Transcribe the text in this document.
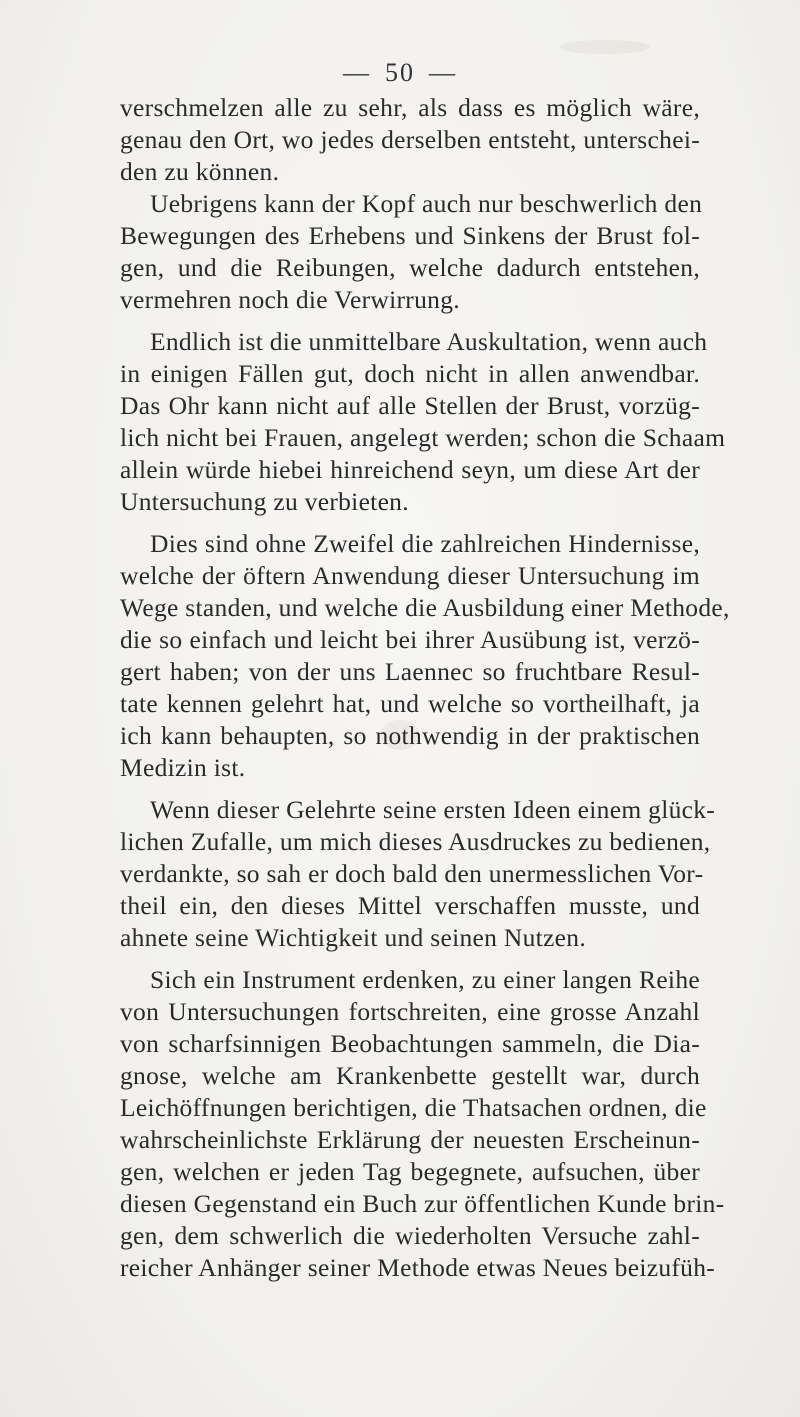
— 50 —
verschmelzen alle zu sehr, als dass es möglich wäre,
genau den Ort, wo jedes derselben entsteht, unterschei-
den zu können.
Uebrigens kann der Kopf auch nur beschwerlich den
Bewegungen des Erhebens und Sinkens der Brust fol-
gen, und die Reibungen, welche dadurch entstehen,
vermehren noch die Verwirrung.
Endlich ist die unmittelbare Auskultation, wenn auch
in einigen Fällen gut, doch nicht in allen anwendbar.
Das Ohr kann nicht auf alle Stellen der Brust, vorzüg-
lich nicht bei Frauen, angelegt werden; schon die Schaam
allein würde hiebei hinreichend seyn, um diese Art der
Untersuchung zu verbieten.
Dies sind ohne Zweifel die zahlreichen Hindernisse,
welche der öftern Anwendung dieser Untersuchung im
Wege standen, und welche die Ausbildung einer Methode,
die so einfach und leicht bei ihrer Ausübung ist, verzö-
gert haben; von der uns Laennec so fruchtbare Resul-
tate kennen gelehrt hat, und welche so vortheilhaft, ja
ich kann behaupten, so nothwendig in der praktischen
Medizin ist.
Wenn dieser Gelehrte seine ersten Ideen einem glück-
lichen Zufalle, um mich dieses Ausdruckes zu bedienen,
verdankte, so sah er doch bald den unermesslichen Vor-
theil ein, den dieses Mittel verschaffen musste, und
ahnete seine Wichtigkeit und seinen Nutzen.
Sich ein Instrument erdenken, zu einer langen Reihe
von Untersuchungen fortschreiten, eine grosse Anzahl
von scharfsinnigen Beobachtungen sammeln, die Dia-
gnose, welche am Krankenbette gestellt war, durch
Leichöffnungen berichtigen, die Thatsachen ordnen, die
wahrscheinlichste Erklärung der neuesten Erscheinun-
gen, welchen er jeden Tag begegnete, aufsuchen, über
diesen Gegenstand ein Buch zur öffentlichen Kunde brin-
gen, dem schwerlich die wiederholten Versuche zahl-
reicher Anhänger seiner Methode etwas Neues beizufüh-
